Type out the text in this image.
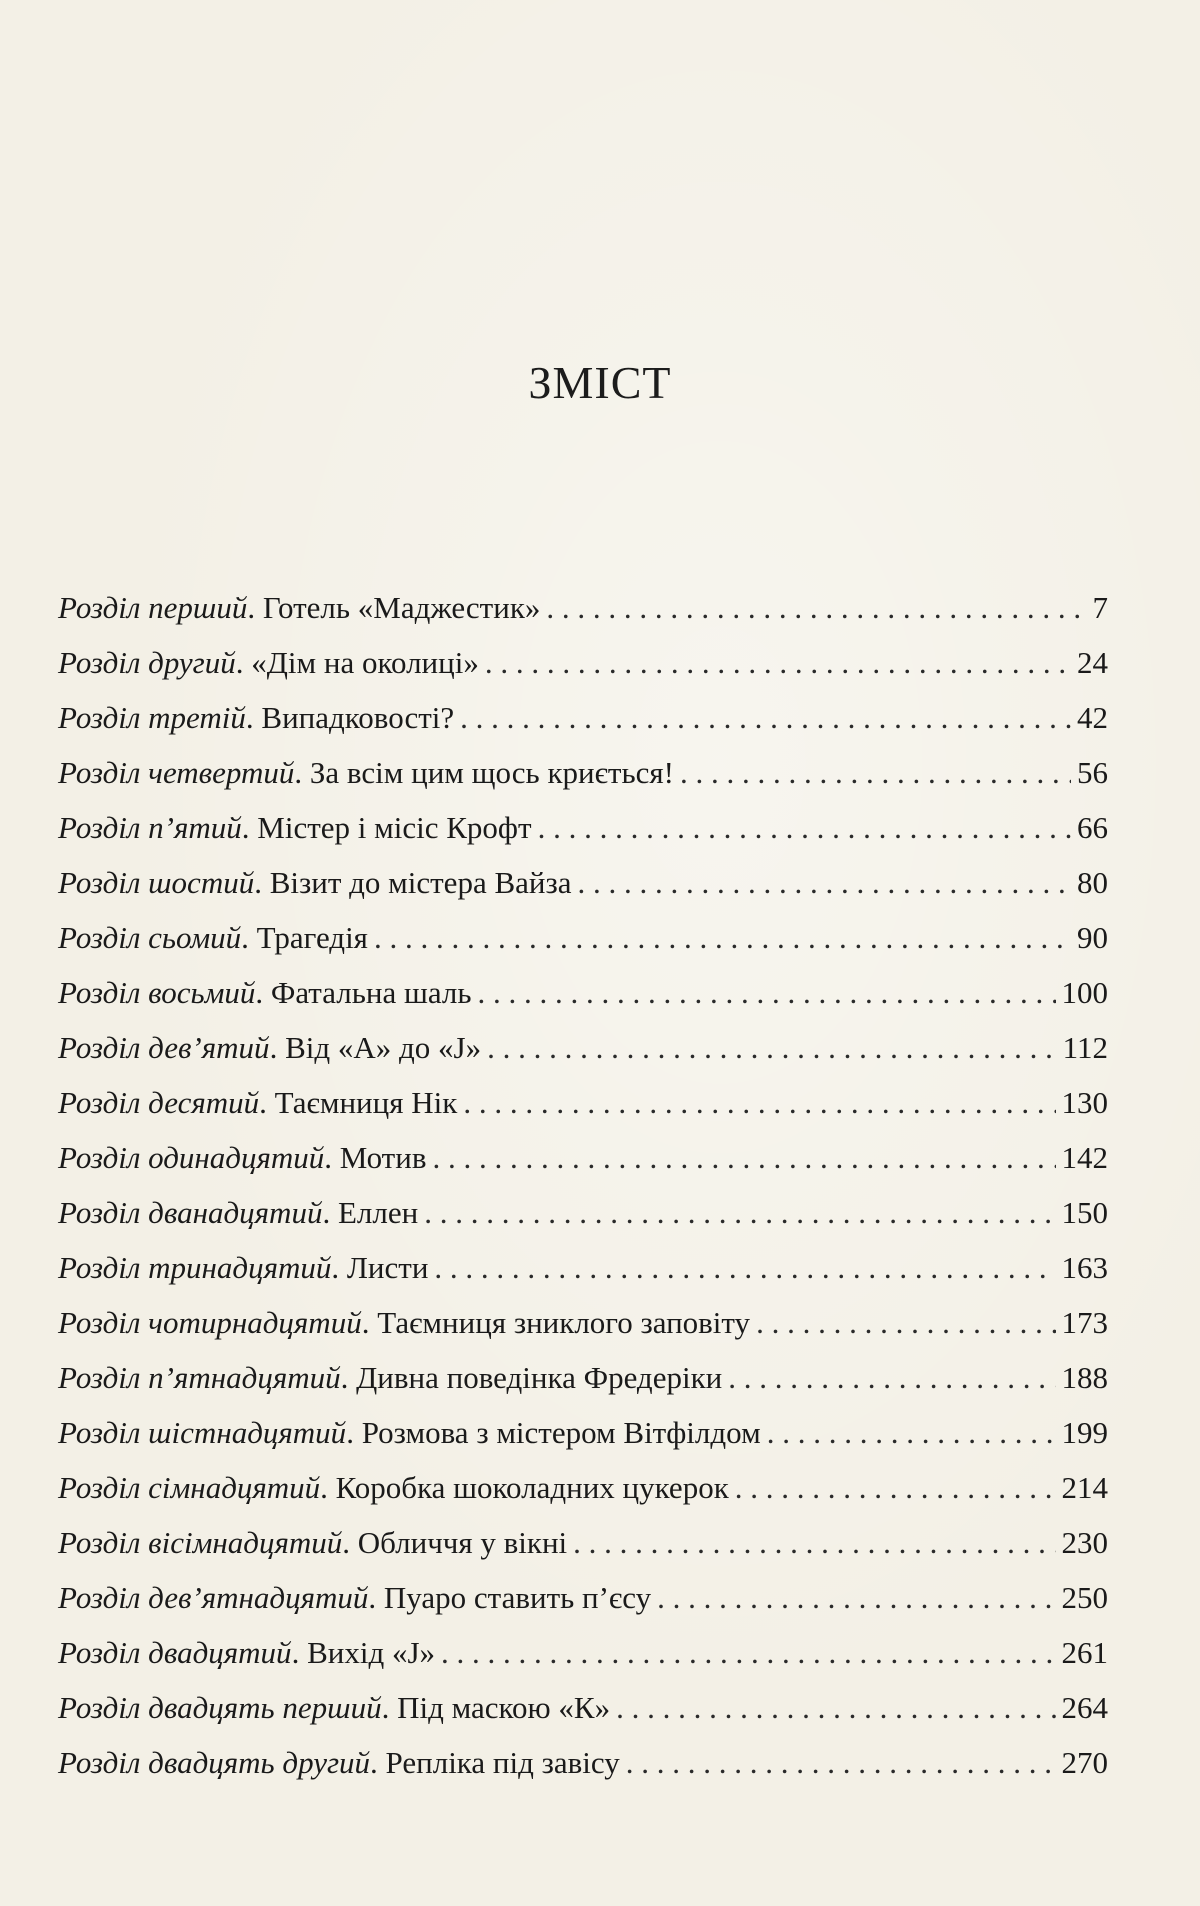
ЗМІСТ
Розділ перший . Готель «Маджестик» . . .	7
Розділ другий . «Дім на околиці» . . .	24
Розділ третій . Випадковості? . . .	42
Розділ четвертий . За всім цим щось криється! . . .	56
Розділ п’ятий . Містер і місіс Крофт . . .	66
Розділ шостий . Візит до містера Вайза . . .	80
Розділ сьомий . Трагедія . . .	90
Розділ восьмий . Фатальна шаль . . .	100
Розділ дев’ятий . Від «А» до «J» . . .	112
Розділ десятий . Таємниця Нік . . .	130
Розділ одинадцятий . Мотив . . .	142
Розділ дванадцятий . Еллен . . .	150
Розділ тринадцятий . Листи . . .	163
Розділ чотирнадцятий . Таємниця зниклого заповіту . . .	173
Розділ п’ятнадцятий . Дивна поведінка Фредеріки . . .	188
Розділ шістнадцятий . Розмова з містером Вітфілдом . . .	199
Розділ сімнадцятий . Коробка шоколадних цукерок . . .	214
Розділ вісімнадцятий . Обличчя у вікні . . .	230
Розділ дев’ятнадцятий . Пуаро ставить п’єсу . . .	250
Розділ двадцятий . Вихід «J» . . .	261
Розділ двадцять перший . Під маскою «К» . . .	264
Розділ двадцять другий . Репліка під завісу . . .	270
